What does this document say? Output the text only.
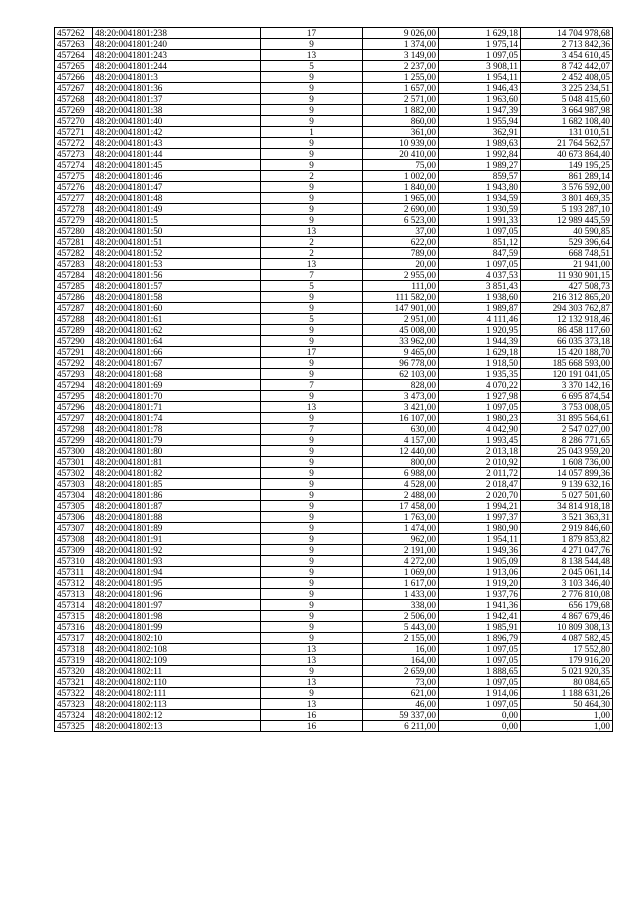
457262	48:20:0041801:238	17	9 026,00	1 629,18	14 704 978,68
457263	48:20:0041801:240	9	1 374,00	1 975,14	2 713 842,36
457264	48:20:0041801:243	13	3 149,00	1 097,05	3 454 610,45
457265	48:20:0041801:244	5	2 237,00	3 908,11	8 742 442,07
457266	48:20:0041801:3	9	1 255,00	1 954,11	2 452 408,05
457267	48:20:0041801:36	9	1 657,00	1 946,43	3 225 234,51
457268	48:20:0041801:37	9	2 571,00	1 963,60	5 048 415,60
457269	48:20:0041801:38	9	1 882,00	1 947,39	3 664 987,98
457270	48:20:0041801:40	9	860,00	1 955,94	1 682 108,40
457271	48:20:0041801:42	1	361,00	362,91	131 010,51
457272	48:20:0041801:43	9	10 939,00	1 989,63	21 764 562,57
457273	48:20:0041801:44	9	20 410,00	1 992,84	40 673 864,40
457274	48:20:0041801:45	9	75,00	1 989,27	149 195,25
457275	48:20:0041801:46	2	1 002,00	859,57	861 289,14
457276	48:20:0041801:47	9	1 840,00	1 943,80	3 576 592,00
457277	48:20:0041801:48	9	1 965,00	1 934,59	3 801 469,35
457278	48:20:0041801:49	9	2 690,00	1 930,59	5 193 287,10
457279	48:20:0041801:5	9	6 523,00	1 991,33	12 989 445,59
457280	48:20:0041801:50	13	37,00	1 097,05	40 590,85
457281	48:20:0041801:51	2	622,00	851,12	529 396,64
457282	48:20:0041801:52	2	789,00	847,59	668 748,51
457283	48:20:0041801:53	13	20,00	1 097,05	21 941,00
457284	48:20:0041801:56	7	2 955,00	4 037,53	11 930 901,15
457285	48:20:0041801:57	5	111,00	3 851,43	427 508,73
457286	48:20:0041801:58	9	111 582,00	1 938,60	216 312 865,20
457287	48:20:0041801:60	9	147 901,00	1 989,87	294 303 762,87
457288	48:20:0041801:61	5	2 951,00	4 111,46	12 132 918,46
457289	48:20:0041801:62	9	45 008,00	1 920,95	86 458 117,60
457290	48:20:0041801:64	9	33 962,00	1 944,39	66 035 373,18
457291	48:20:0041801:66	17	9 465,00	1 629,18	15 420 188,70
457292	48:20:0041801:67	9	96 778,00	1 918,50	185 668 593,00
457293	48:20:0041801:68	9	62 103,00	1 935,35	120 191 041,05
457294	48:20:0041801:69	7	828,00	4 070,22	3 370 142,16
457295	48:20:0041801:70	9	3 473,00	1 927,98	6 695 874,54
457296	48:20:0041801:71	13	3 421,00	1 097,05	3 753 008,05
457297	48:20:0041801:74	9	16 107,00	1 980,23	31 895 564,61
457298	48:20:0041801:78	7	630,00	4 042,90	2 547 027,00
457299	48:20:0041801:79	9	4 157,00	1 993,45	8 286 771,65
457300	48:20:0041801:80	9	12 440,00	2 013,18	25 043 959,20
457301	48:20:0041801:81	9	800,00	2 010,92	1 608 736,00
457302	48:20:0041801:82	9	6 988,00	2 011,72	14 057 899,36
457303	48:20:0041801:85	9	4 528,00	2 018,47	9 139 632,16
457304	48:20:0041801:86	9	2 488,00	2 020,70	5 027 501,60
457305	48:20:0041801:87	9	17 458,00	1 994,21	34 814 918,18
457306	48:20:0041801:88	9	1 763,00	1 997,37	3 521 363,31
457307	48:20:0041801:89	9	1 474,00	1 980,90	2 919 846,60
457308	48:20:0041801:91	9	962,00	1 954,11	1 879 853,82
457309	48:20:0041801:92	9	2 191,00	1 949,36	4 271 047,76
457310	48:20:0041801:93	9	4 272,00	1 905,09	8 138 544,48
457311	48:20:0041801:94	9	1 069,00	1 913,06	2 045 061,14
457312	48:20:0041801:95	9	1 617,00	1 919,20	3 103 346,40
457313	48:20:0041801:96	9	1 433,00	1 937,76	2 776 810,08
457314	48:20:0041801:97	9	338,00	1 941,36	656 179,68
457315	48:20:0041801:98	9	2 506,00	1 942,41	4 867 679,46
457316	48:20:0041801:99	9	5 443,00	1 985,91	10 809 308,13
457317	48:20:0041802:10	9	2 155,00	1 896,79	4 087 582,45
457318	48:20:0041802:108	13	16,00	1 097,05	17 552,80
457319	48:20:0041802:109	13	164,00	1 097,05	179 916,20
457320	48:20:0041802:11	9	2 659,00	1 888,65	5 021 920,35
457321	48:20:0041802:110	13	73,00	1 097,05	80 084,65
457322	48:20:0041802:111	9	621,00	1 914,06	1 188 631,26
457323	48:20:0041802:113	13	46,00	1 097,05	50 464,30
457324	48:20:0041802:12	16	59 337,00	0,00	1,00
457325	48:20:0041802:13	16	6 211,00	0,00	1,00
